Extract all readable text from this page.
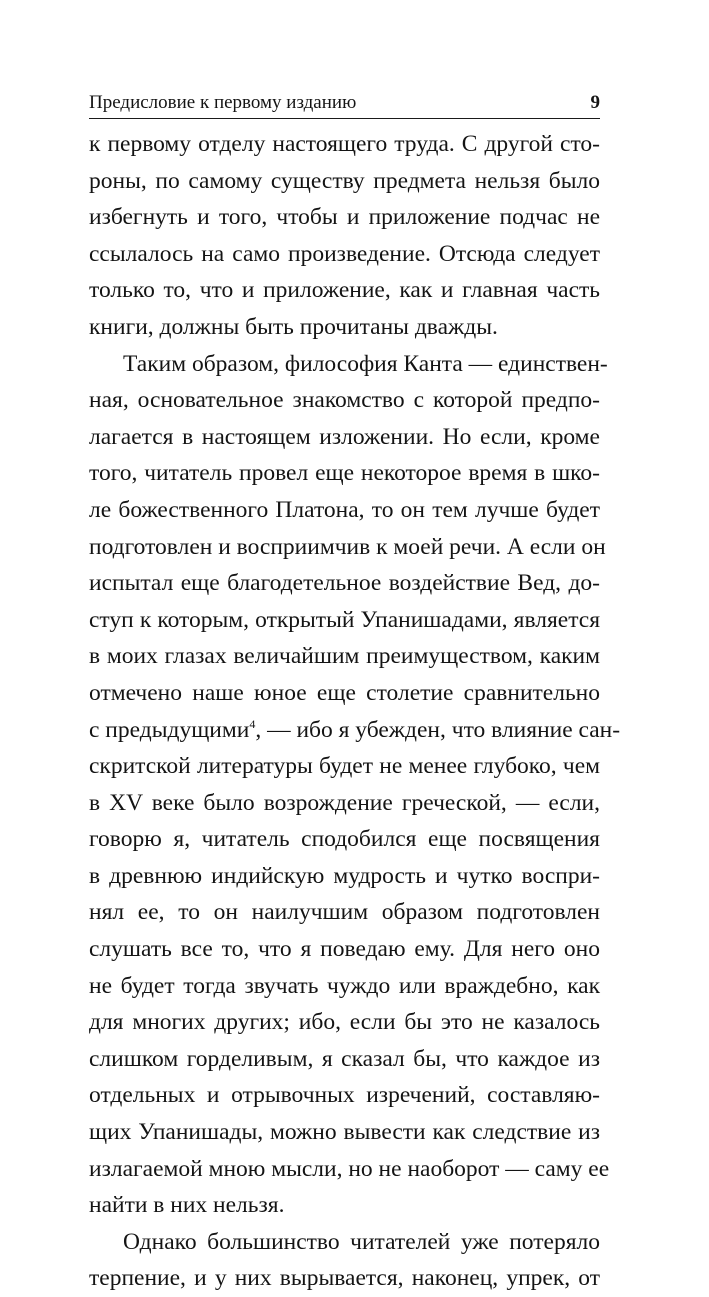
Предисловие к первому изданию	9
к первому отделу настоящего труда. С другой сто-
роны, по самому существу предмета нельзя было
избегнуть и того, чтобы и приложение подчас не
ссылалось на само произведение. Отсюда следует
только то, что и приложение, как и главная часть
книги, должны быть прочитаны дважды.
Таким образом, философия Канта — единствен-
ная, основательное знакомство с которой предпо-
лагается в настоящем изложении. Но если, кроме
того, читатель провел еще некоторое время в шко-
ле божественного Платона, то он тем лучше будет
подготовлен и восприимчив к моей речи. А если он
испытал еще благодетельное воздействие Вед, до-
ступ к которым, открытый Упанишадами, является
в моих глазах величайшим преимуществом, каким
отмечено наше юное еще столетие сравнительно
с предыдущими$^4$, — ибо я убежден, что влияние сан-
скритской литературы будет не менее глубоко, чем
в XV веке было возрождение греческой, — если,
говорю я, читатель сподобился еще посвящения
в древнюю индийскую мудрость и чутко воспри-
нял ее, то он наилучшим образом подготовлен
слушать все то, что я поведаю ему. Для него оно
не будет тогда звучать чуждо или враждебно, как
для многих других; ибо, если бы это не казалось
слишком горделивым, я сказал бы, что каждое из
отдельных и отрывочных изречений, составляю-
щих Упанишады, можно вывести как следствие из
излагаемой мною мысли, но не наоборот — саму ее
найти в них нельзя.
Однако большинство читателей уже потеряло
терпение, и у них вырывается, наконец, упрек, от
